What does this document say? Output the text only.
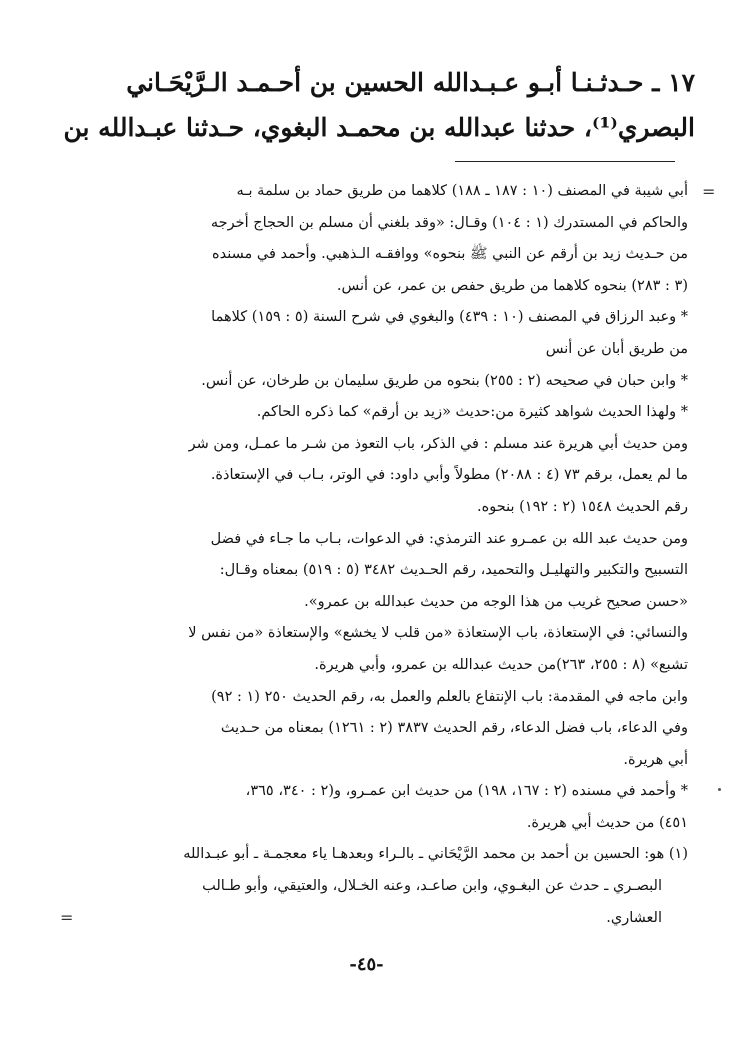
١٧ ـ حـدثـنـا أبـو عـبـدالله الحسين بن أحـمـد الـرَّيْحَـاني

البصري⁽¹⁾، حدثنا عبدالله بن محمـد البغوي، حـدثنا عبـدالله بن

=

أبي شيبة في المصنف (١٠ : ١٨٧ ـ ١٨٨) كلاهما من طريق حماد بن سلمة بـه

والحاكم في المستدرك (١ : ١٠٤) وقـال: «وقد بلغني أن مسلم بن الحجاج أخرجه

من حـديث زيد بن أرقم عن النبي ﷺ بنحوه» ووافقـه الـذهبي. وأحمد في مسنده

(٣ : ٢٨٣) بنحوه كلاهما من طريق حفص بن عمر، عن أنس.

* وعبد الرزاق في المصنف (١٠ : ٤٣٩) والبغوي في شرح السنة (٥ : ١٥٩) كلاهما

من طريق أبان عن أنس

* وابن حبان في صحيحه (٢ : ٢٥٥) بنحوه من طريق سليمان بن طرخان، عن أنس.

* ولهذا الحديث شواهد كثيرة من:حديث «زيد بن أرقم» كما ذكره الحاكم.

ومن حديث أبي هريرة عند مسلم : في الذكر، باب التعوذ من شـر ما عمـل، ومن شر

ما لم يعمل، برقم ٧٣ (٤ : ٢٠٨٨) مطولاً وأبي داود: في الوتر، بـاب في الإستعاذة.

رقم الحديث ١٥٤٨ (٢ : ١٩٢) بنحوه.

ومن حديث عبد الله بن عمـرو عند الترمذي: في الدعوات، بـاب ما جـاء في فضل

التسبيح والتكبير والتهليـل والتحميد، رقم الحـديث ٣٤٨٢ (٥ : ٥١٩) بمعناه وقـال:

«حسن صحيح غريب من هذا الوجه من حديث عبدالله بن عمرو».

والنسائي: في الإستعاذة، باب الإستعاذة «من قلب لا يخشع» والإستعاذة «من نفس لا

تشبع» (٨ : ٢٥٥، ٢٦٣)من حديث عبدالله بن عمرو، وأبي هريرة.

وابن ماجه في المقدمة: باب الإنتفاع بالعلم والعمل به، رقم الحديث ٢٥٠ (١ : ٩٢)

وفي الدعاء، باب فضل الدعاء، رقم الحديث ٣٨٣٧ (٢ : ١٢٦١) بمعناه من حـديث

أبي هريرة.

* وأحمد في مسنده (٢ : ١٦٧، ١٩٨) من حديث ابن عمـرو، و(٢ : ٣٤٠، ٣٦٥،

٤٥١) من حديث أبي هريرة.

(١) هو: الحسين بن أحمد بن محمد الرَّيْحَاني ـ بالـراء وبعدهـا ياء معجمـة ـ أبو عبـدالله

البصـري ـ حدث عن البغـوي، وابن صاعـد، وعنه الخـلال، والعتيقي، وأبو طـالب

العشاري.

=
-٤٥-
